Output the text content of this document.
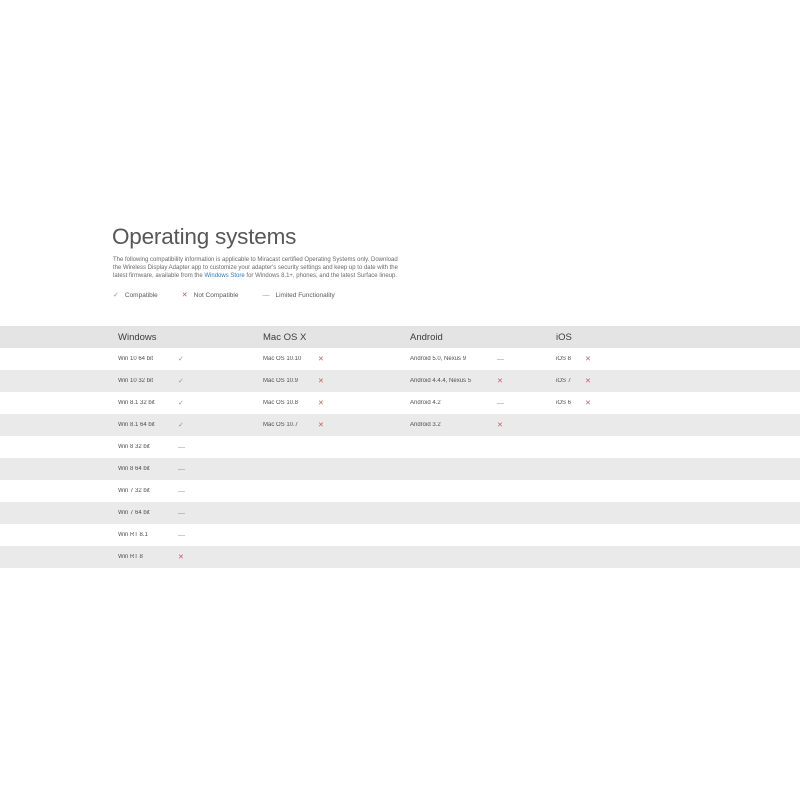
Operating systems
The following compatibility information is applicable to Miracast certified Operating Systems only. Download
the Wireless Display Adapter app to customize your adapter's security settings and keep up to date with the
latest firmware, available from the Windows Store for Windows 8.1+, phones, and the latest Surface lineup.
✓ Compatible	✕ Not Compatible	— Limited Functionality
Windows	Mac OS X	Android	iOS
Win 10 64 bit	✓	Mac OS 10.10	✕	Android 5.0, Nexus 9	—	iOS 8	✕
Win 10 32 bit	✓	Mac OS 10.9	✕	Android 4.4.4, Nexus 5	✕	iOS 7	✕
Win 8.1 32 bit	✓	Mac OS 10.8	✕	Android 4.2	—	iOS 6	✕
Win 8.1 64 bit	✓	Mac OS 10.7	✕	Android 3.2	✕
Win 8 32 bit	—
Win 8 64 bit	—
Win 7 32 bit	—
Win 7 64 bit	—
Win RT 8.1	—
Win RT 8	✕
